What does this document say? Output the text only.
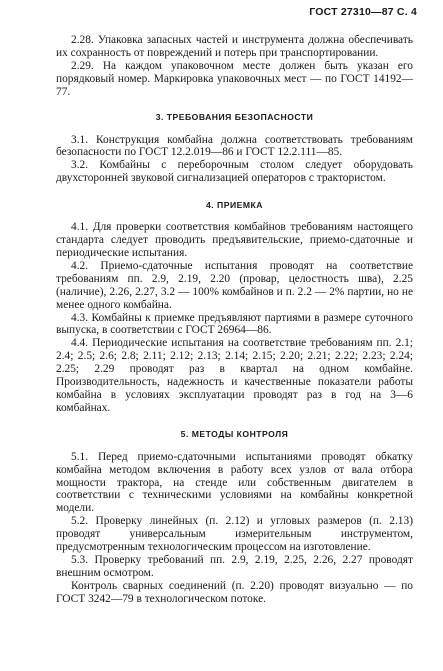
ГОСТ 27310—87 С. 4

2.28. Упаковка запасных частей и инструмента должна обеспечивать их сохранность от повреждений и потерь при транспортировании.

2.29. На каждом упаковочном месте должен быть указан его порядковый номер. Маркировка упаковочных мест — по ГОСТ 14192—77.

3. ТРЕБОВАНИЯ БЕЗОПАСНОСТИ

3.1. Конструкция комбайна должна соответствовать требованиям безопасности по ГОСТ 12.2.019—86 и ГОСТ 12.2.111—85.

3.2. Комбайны с переборочным столом следует оборудовать двухсторонней звуковой сигнализацией операторов с трактористом.

4. ПРИЕМКА

4.1. Для проверки соответствия комбайнов требованиям настоящего стандарта следует проводить предъявительские, приемо-сдаточные и периодические испытания.

4.2. Приемо-сдаточные испытания проводят на соответствие требованиям пп. 2.9, 2.19, 2.20 (провар, целостность шва), 2.25 (наличие), 2.26, 2.27, 3.2 — 100% комбайнов и п. 2.2 — 2% партии, но не менее одного комбайна.

4.3. Комбайны к приемке предъявляют партиями в размере суточного выпуска, в соответствии с ГОСТ 26964—86.

4.4. Периодические испытания на соответствие требованиям пп. 2.1; 2.4; 2.5; 2.6; 2.8; 2.11; 2.12; 2.13; 2.14; 2.15; 2.20; 2.21; 2.22; 2.23; 2.24; 2.25; 2.29 проводят раз в квартал на одном комбайне. Производительность, надежность и качественные показатели работы комбайна в условиях эксплуатации проводят раз в год на 3—6 комбайнах.

5. МЕТОДЫ КОНТРОЛЯ

5.1. Перед приемо-сдаточными испытаниями проводят обкатку комбайна методом включения в работу всех узлов от вала отбора мощности трактора, на стенде или собственным двигателем в соответствии с техническими условиями на комбайны конкретной модели.

5.2. Проверку линейных (п. 2.12) и угловых размеров (п. 2.13) проводят универсальным измерительным инструментом, предусмотренным технологическим процессом на изготовление.

5.3. Проверку требований пп. 2.9, 2.19, 2.25, 2.26, 2.27 проводят внешним осмотром.

Контроль сварных соединений (п. 2.20) проводят визуально — по ГОСТ 3242—79 в технологическом потоке.
